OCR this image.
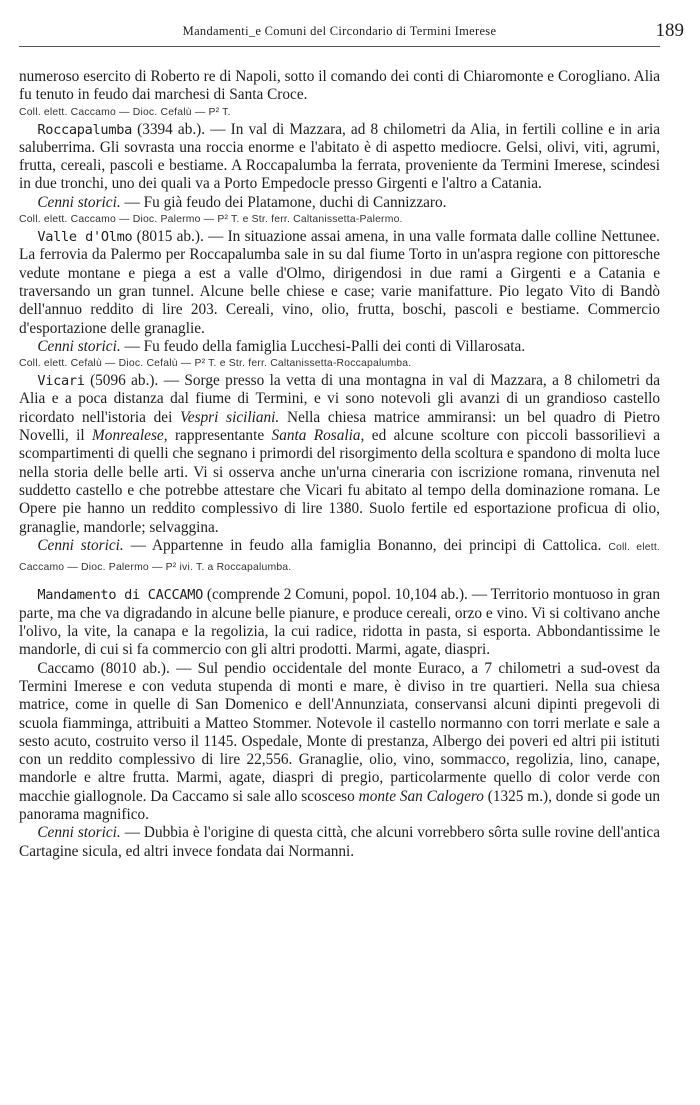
Mandamenti_e Comuni del Circondario di Termini Imerese	189

numeroso esercito di Roberto re di Napoli, sotto il comando dei conti di Chiaromonte e Corogliano. Alia fu tenuto in feudo dai marchesi di Santa Croce.

Coll. elett. Caccamo — Dioc. Cefalù — P² T.

Roccapalumba (3394 ab.). — In val di Mazzara, ad 8 chilometri da Alia, in fertili colline e in aria saluberrima. Gli sovrasta una roccia enorme e l'abitato è di aspetto mediocre. Gelsi, olivi, viti, agrumi, frutta, cereali, pascoli e bestiame. A Roccapalumba la ferrata, proveniente da Termini Imerese, scindesi in due tronchi, uno dei quali va a Porto Empedocle presso Girgenti e l'altro a Catania.

Cenni storici. — Fu già feudo dei Platamone, duchi di Cannizzaro.

Coll. elett. Caccamo — Dioc. Palermo — P² T. e Str. ferr. Caltanissetta-Palermo.

Valle d'Olmo (8015 ab.). — In situazione assai amena, in una valle formata dalle colline Nettunee. La ferrovia da Palermo per Roccapalumba sale in su dal fiume Torto in un'aspra regione con pittoresche vedute montane e piega a est a valle d'Olmo, dirigendosi in due rami a Girgenti e a Catania e traversando un gran tunnel. Alcune belle chiese e case; varie manifatture. Pio legato Vito di Bandò dell'annuo reddito di lire 203. Cereali, vino, olio, frutta, boschi, pascoli e bestiame. Commercio d'esportazione delle granaglie.

Cenni storici. — Fu feudo della famiglia Lucchesi-Palli dei conti di Villarosata.

Coll. elett. Cefalù — Dioc. Cefalù — P² T. e Str. ferr. Caltanissetta-Roccapalumba.

Vicari (5096 ab.). — Sorge presso la vetta di una montagna in val di Mazzara, a 8 chilometri da Alia e a poca distanza dal fiume di Termini, e vi sono notevoli gli avanzi di un grandioso castello ricordato nell'istoria dei Vespri siciliani. Nella chiesa matrice ammiransi: un bel quadro di Pietro Novelli, il Monrealese, rappresentante Santa Rosalia, ed alcune scolture con piccoli bassorilievi a scompartimenti di quelli che segnano i primordi del risorgimento della scoltura e spandono di molta luce nella storia delle belle arti. Vi si osserva anche un'urna cineraria con iscrizione romana, rinvenuta nel suddetto castello e che potrebbe attestare che Vicari fu abitato al tempo della dominazione romana. Le Opere pie hanno un reddito complessivo di lire 1380. Suolo fertile ed esportazione proficua di olio, granaglie, mandorle; selvaggina.

Cenni storici. — Appartenne in feudo alla famiglia Bonanno, dei principi di Cattolica. Coll. elett. Caccamo — Dioc. Palermo — P² ivi. T. a Roccapalumba.

Mandamento di CACCAMO (comprende 2 Comuni, popol. 10,104 ab.). — Territorio montuoso in gran parte, ma che va digradando in alcune belle pianure, e produce cereali, orzo e vino. Vi si coltivano anche l'olivo, la vite, la canapa e la regolizia, la cui radice, ridotta in pasta, si esporta. Abbondantissime le mandorle, di cui si fa commercio con gli altri prodotti. Marmi, agate, diaspri.

Caccamo (8010 ab.). — Sul pendio occidentale del monte Euraco, a 7 chilometri a sud-ovest da Termini Imerese e con veduta stupenda di monti e mare, è diviso in tre quartieri. Nella sua chiesa matrice, come in quelle di San Domenico e dell'Annunziata, conservansi alcuni dipinti pregevoli di scuola fiamminga, attribuiti a Matteo Stommer. Notevole il castello normanno con torri merlate e sale a sesto acuto, costruito verso il 1145. Ospedale, Monte di prestanza, Albergo dei poveri ed altri pii istituti con un reddito complessivo di lire 22,556. Granaglie, olio, vino, sommacco, regolizia, lino, canape, mandorle e altre frutta. Marmi, agate, diaspri di pregio, particolarmente quello di color verde con macchie giallognole. Da Caccamo si sale allo scosceso monte San Calogero (1325 m.), donde si gode un panorama magnifico.

Cenni storici. — Dubbia è l'origine di questa città, che alcuni vorrebbero sôrta sulle rovine dell'antica Cartagine sicula, ed altri invece fondata dai Normanni.
